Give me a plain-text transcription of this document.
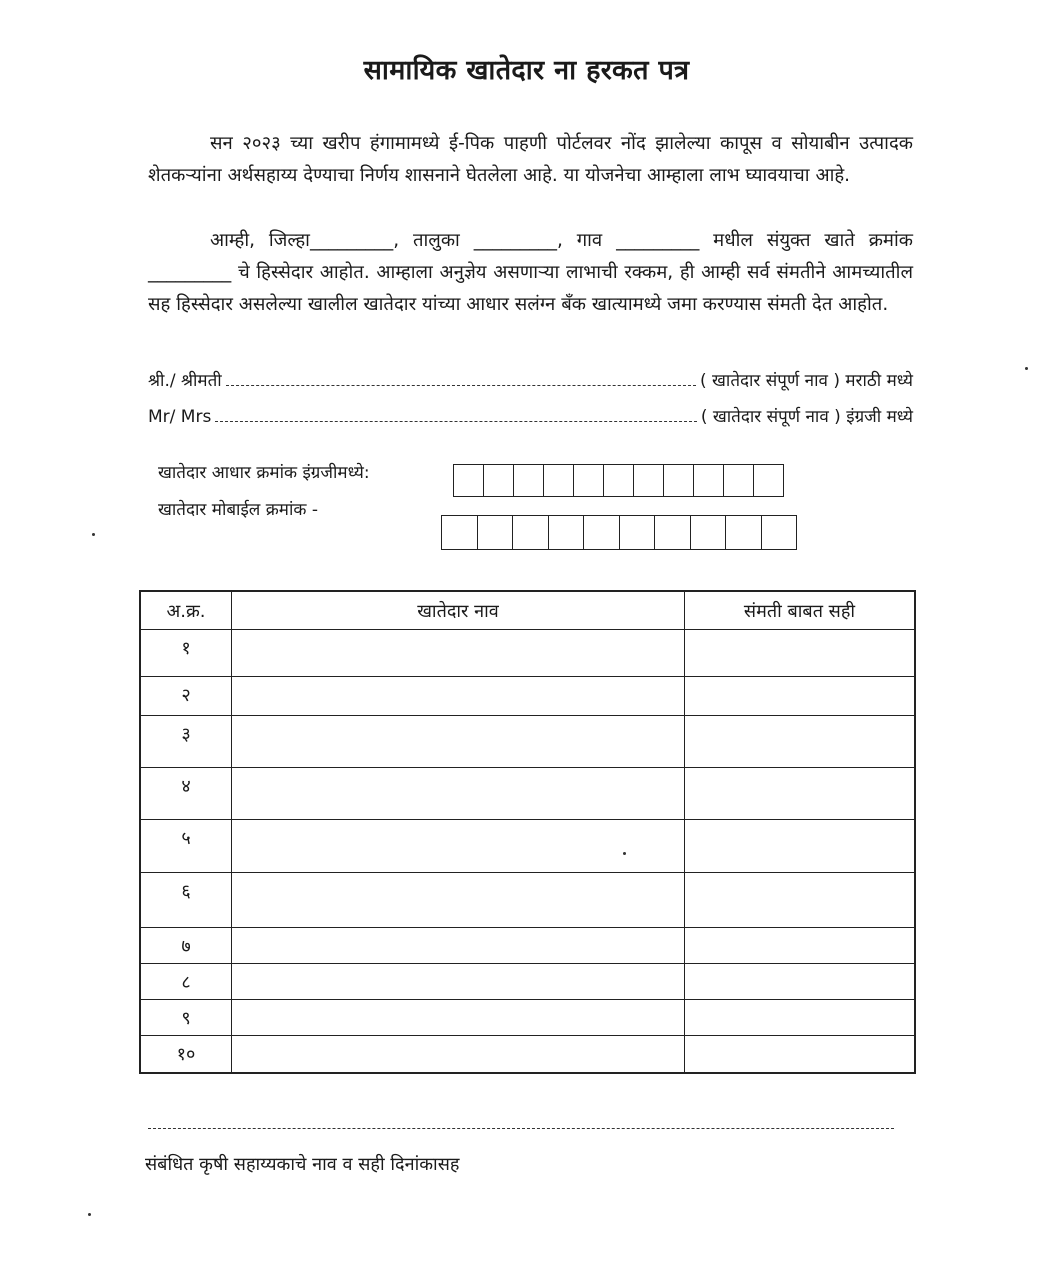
सामायिक खातेदार ना हरकत पत्र
सन २०२३ च्या खरीप हंगामामध्ये ई-पिक पाहणी पोर्टलवर नोंद झालेल्या कापूस व सोयाबीन उत्पादक शेतकऱ्यांना अर्थसहाय्य देण्याचा निर्णय शासनाने घेतलेला आहे. या योजनेचा आम्हाला लाभ घ्यावयाचा आहे.
आम्ही, जिल्हा_________, तालुका _________, गाव _________ मधील संयुक्त खाते क्रमांक _________ चे हिस्सेदार आहोत. आम्हाला अनुज्ञेय असणाऱ्या लाभाची रक्कम, ही आम्ही सर्व संमतीने आमच्यातील सह हिस्सेदार असलेल्या खालील खातेदार यांच्या आधार सलंग्न बँक खात्यामध्ये जमा करण्यास संमती देत आहोत.
श्री./ श्रीमती	( खातेदार संपूर्ण नाव ) मराठी मध्ये
Mr/ Mrs	( खातेदार संपूर्ण नाव ) इंग्रजी मध्ये
खातेदार आधार क्रमांक इंग्रजीमध्ये:
खातेदार मोबाईल क्रमांक -
अ.क्र.	खातेदार नाव	संमती बाबत सही
१		
२		
३		
४		
५		
६		
७		
८		
९		
१०		
संबंधित कृषी सहाय्यकाचे नाव व सही दिनांकासह
